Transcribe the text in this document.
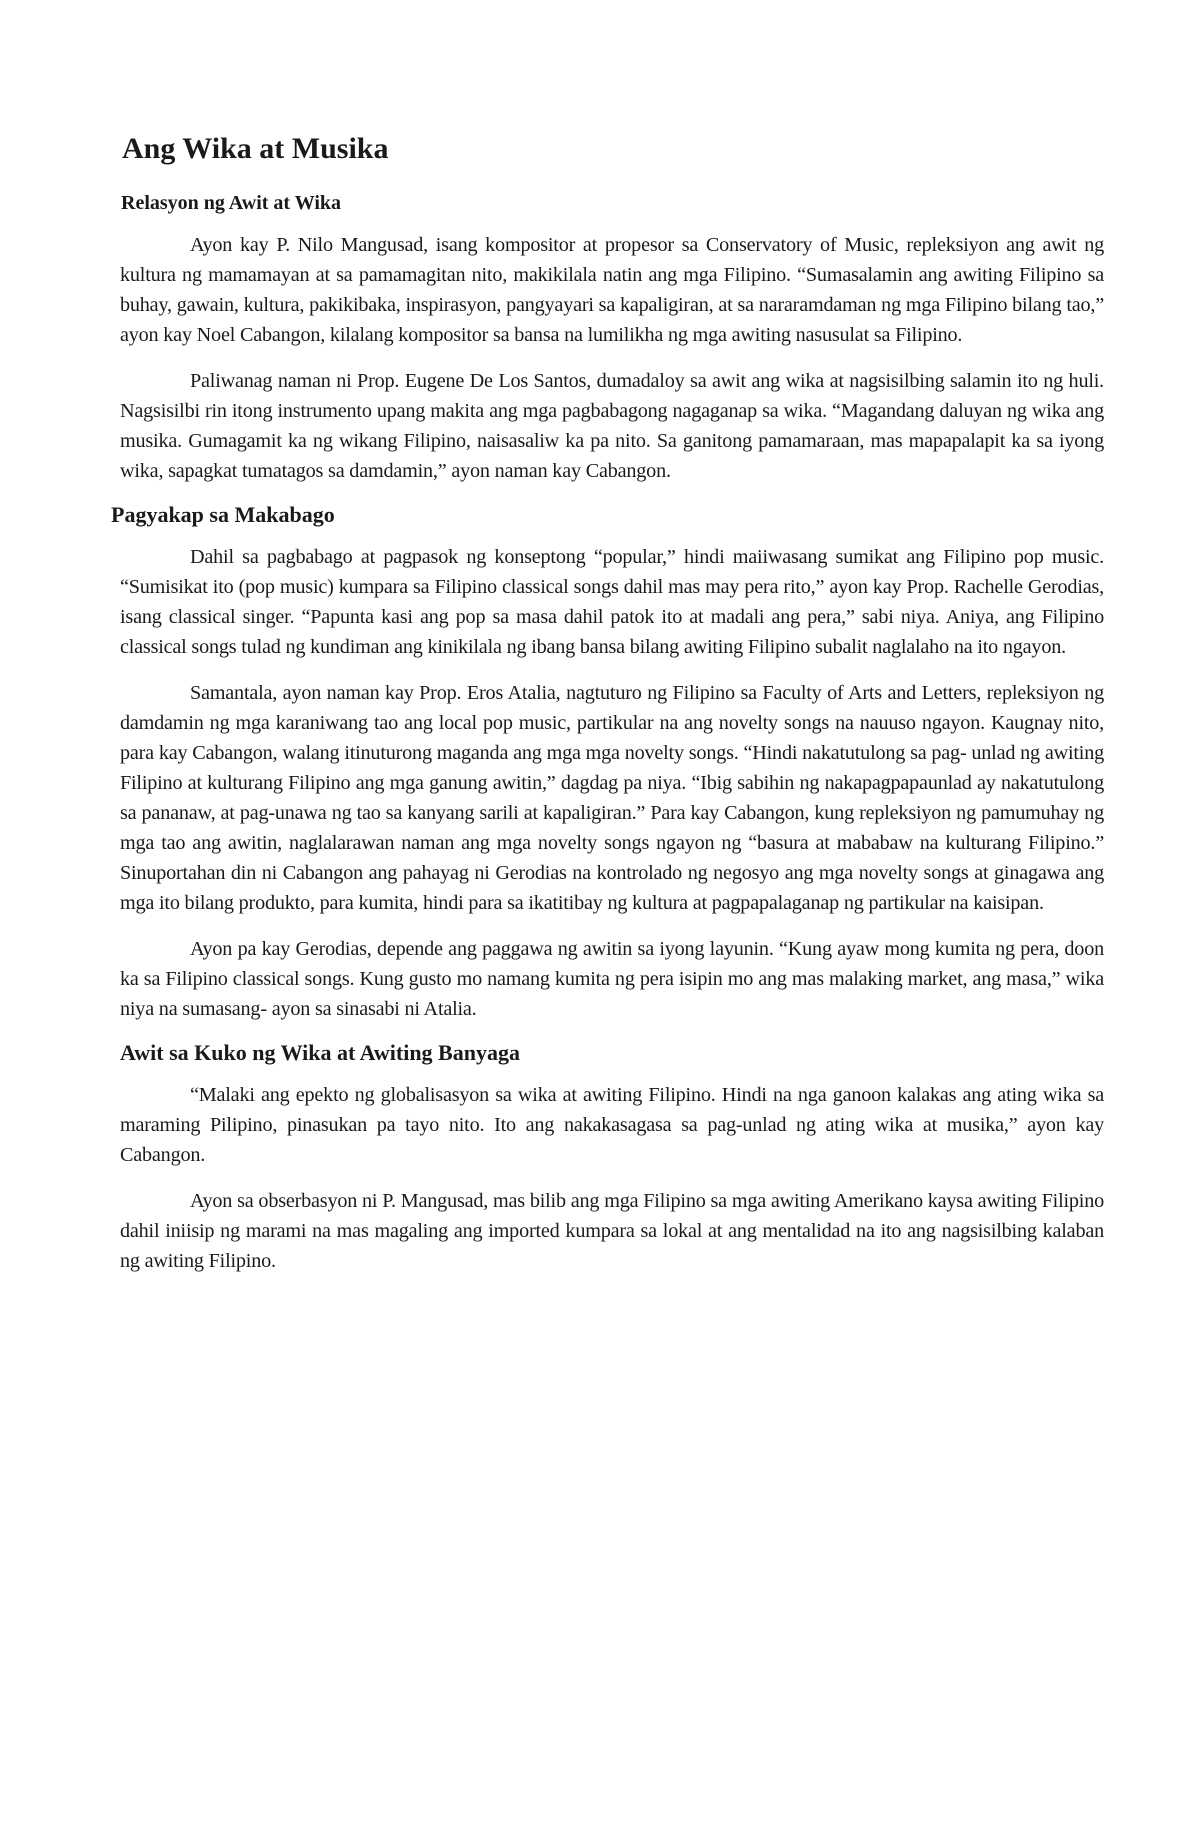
Ang Wika at Musika
Relasyon ng Awit at Wika

Ayon kay P. Nilo Mangusad, isang kompositor at propesor sa Conservatory of Music, repleksiyon ang awit ng kultura ng mamamayan at sa pamamagitan nito, makikilala natin ang mga Filipino. “Sumasalamin ang awiting Filipino sa buhay, gawain, kultura, pakikibaka, inspirasyon, pangyayari sa kapaligiran, at sa nararamdaman ng mga Filipino bilang tao,” ayon kay Noel Cabangon, kilalang kompositor sa bansa na lumilikha ng mga awiting nasusulat sa Filipino.

Paliwanag naman ni Prop. Eugene De Los Santos, dumadaloy sa awit ang wika at nagsisilbing salamin ito ng huli. Nagsisilbi rin itong instrumento upang makita ang mga pagbabagong nagaganap sa wika. “Magandang daluyan ng wika ang musika. Gumagamit ka ng wikang Filipino, naisasaliw ka pa nito. Sa ganitong pamamaraan, mas mapapalapit ka sa iyong wika, sapagkat tumatagos sa damdamin,” ayon naman kay Cabangon.

Pagyakap sa Makabago

Dahil sa pagbabago at pagpasok ng konseptong “popular,” hindi maiiwasang sumikat ang Filipino pop music. “Sumisikat ito (pop music) kumpara sa Filipino classical songs dahil mas may pera rito,” ayon kay Prop. Rachelle Gerodias, isang classical singer. “Papunta kasi ang pop sa masa dahil patok ito at madali ang pera,” sabi niya. Aniya, ang Filipino classical songs tulad ng kundiman ang kinikilala ng ibang bansa bilang awiting Filipino subalit naglalaho na ito ngayon.

Samantala, ayon naman kay Prop. Eros Atalia, nagtuturo ng Filipino sa Faculty of Arts and Letters, repleksiyon ng damdamin ng mga karaniwang tao ang local pop music, partikular na ang novelty songs na nauuso ngayon. Kaugnay nito, para kay Cabangon, walang itinuturong maganda ang mga mga novelty songs. “Hindi nakatutulong sa pag- unlad ng awiting Filipino at kulturang Filipino ang mga ganung awitin,” dagdag pa niya. “Ibig sabihin ng nakapagpapaunlad ay nakatutulong sa pananaw, at pag-unawa ng tao sa kanyang sarili at kapaligiran.” Para kay Cabangon, kung repleksiyon ng pamumuhay ng mga tao ang awitin, naglalarawan naman ang mga novelty songs ngayon ng “basura at mababaw na kulturang Filipino.” Sinuportahan din ni Cabangon ang pahayag ni Gerodias na kontrolado ng negosyo ang mga novelty songs at ginagawa ang mga ito bilang produkto, para kumita, hindi para sa ikatitibay ng kultura at pagpapalaganap ng partikular na kaisipan.

Ayon pa kay Gerodias, depende ang paggawa ng awitin sa iyong layunin. “Kung ayaw mong kumita ng pera, doon ka sa Filipino classical songs. Kung gusto mo namang kumita ng pera isipin mo ang mas malaking market, ang masa,” wika niya na sumasang- ayon sa sinasabi ni Atalia.

Awit sa Kuko ng Wika at Awiting Banyaga

“Malaki ang epekto ng globalisasyon sa wika at awiting Filipino. Hindi na nga ganoon kalakas ang ating wika sa maraming Pilipino, pinasukan pa tayo nito. Ito ang nakakasagasa sa pag-unlad ng ating wika at musika,” ayon kay Cabangon.

Ayon sa obserbasyon ni P. Mangusad, mas bilib ang mga Filipino sa mga awiting Amerikano kaysa awiting Filipino dahil iniisip ng marami na mas magaling ang imported kumpara sa lokal at ang mentalidad na ito ang nagsisilbing kalaban ng awiting Filipino.
